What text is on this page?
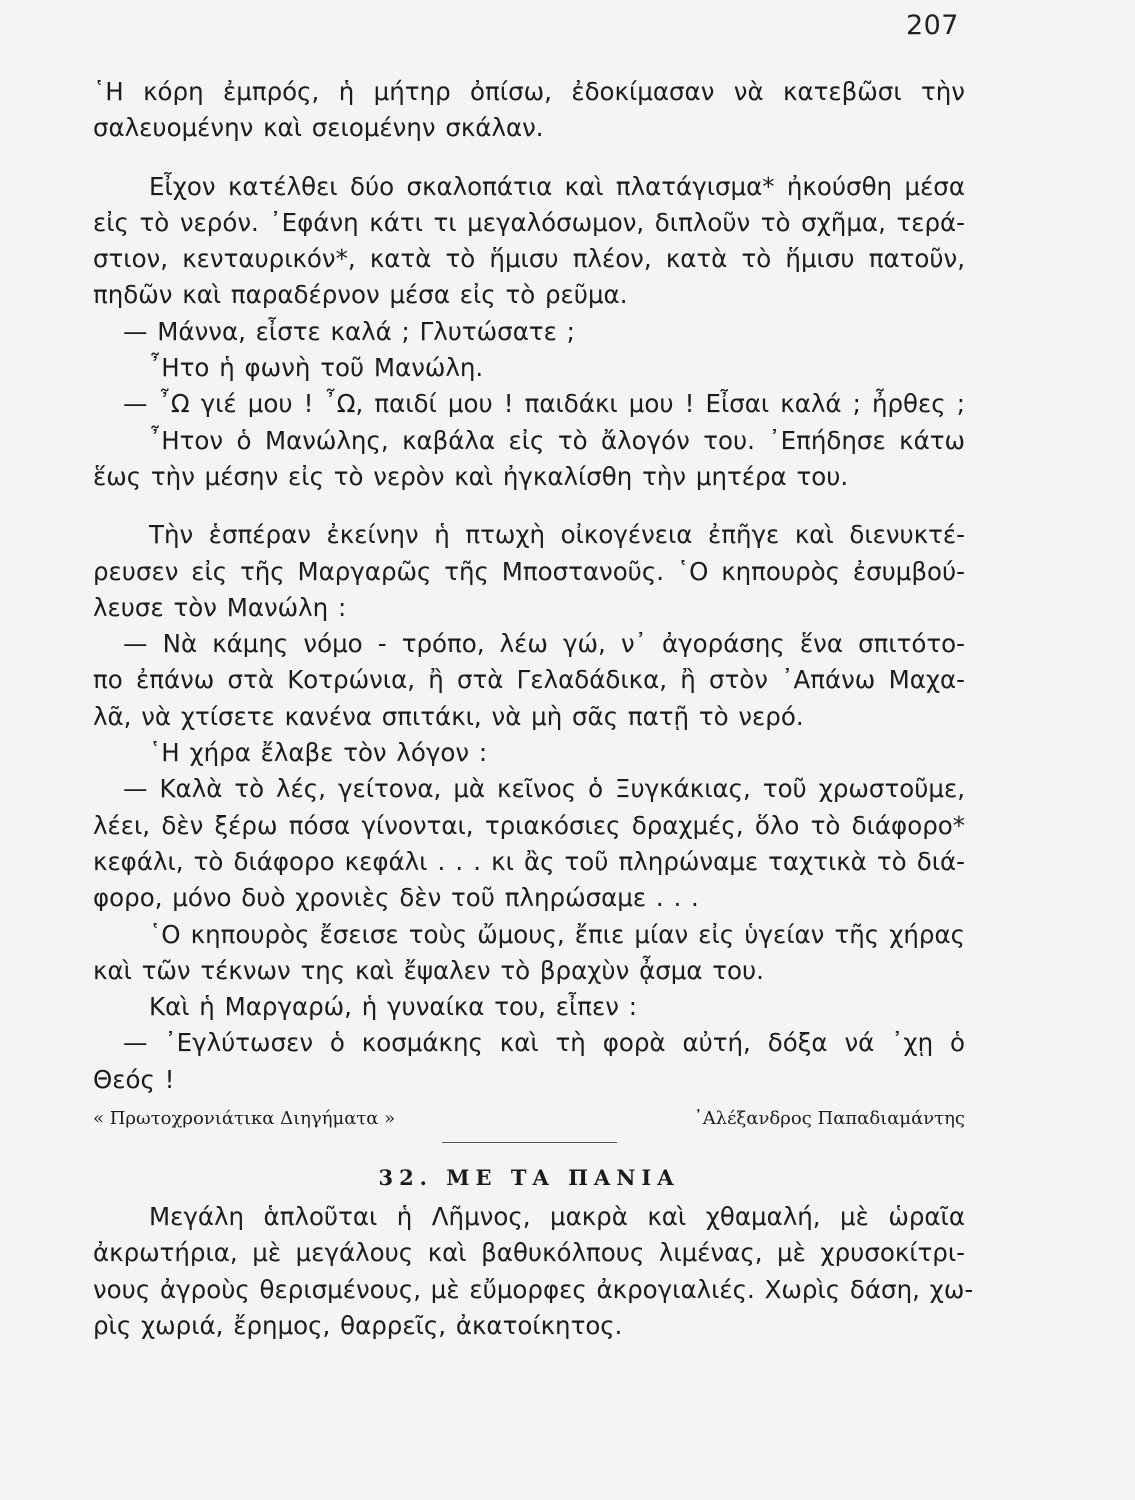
207
῾Η κόρη ἐμπρός, ἡ μήτηρ ὀπίσω, ἐδοκίμασαν νὰ κατεβῶσι τὴν
σαλευομένην καὶ σειομένην σκάλαν.
Εἶχον κατέλθει δύο σκαλοπάτια καὶ πλατάγισμα* ἠκούσθη μέσα
εἰς τὸ νερόν. ᾽Εφάνη κάτι τι μεγαλόσωμον, διπλοῦν τὸ σχῆμα, τερά-
στιον, κενταυρικόν*, κατὰ τὸ ἥμισυ πλέον, κατὰ τὸ ἥμισυ πατοῦν,
πηδῶν καὶ παραδέρνον μέσα εἰς τὸ ρεῦμα.
— Μάννα, εἶστε καλά ; Γλυτώσατε ;
῏Ητο ἡ φωνὴ τοῦ Μανώλη.
— ῏Ω γιέ μου ! ῏Ω, παιδί μου ! παιδάκι μου ! Εἶσαι καλά ; ἦρθες ;
῏Ητον ὁ Μανώλης, καβάλα εἰς τὸ ἄλογόν του. ᾽Επήδησε κάτω
ἕως τὴν μέσην εἰς τὸ νερὸν καὶ ἠγκαλίσθη τὴν μητέρα του.
Τὴν ἑσπέραν ἐκείνην ἡ πτωχὴ οἰκογένεια ἐπῆγε καὶ διενυκτέ-
ρευσεν εἰς τῆς Μαργαρῶς τῆς Μποστανοῦς. ῾Ο κηπουρὸς ἐσυμβού-
λευσε τὸν Μανώλη :
— Νὰ κάμης νόμο - τρόπο, λέω γώ, ν᾽ ἀγοράσης ἕνα σπιτότο-
πο ἐπάνω στὰ Κοτρώνια, ἢ στὰ Γελαδάδικα, ἢ στὸν ᾽Απάνω Μαχα-
λᾶ, νὰ χτίσετε κανένα σπιτάκι, νὰ μὴ σᾶς πατῇ τὸ νερό.
῾Η χήρα ἔλαβε τὸν λόγον :
— Καλὰ τὸ λές, γείτονα, μὰ κεῖνος ὁ Ξυγκάκιας, τοῦ χρωστοῦμε,
λέει, δὲν ξέρω πόσα γίνονται, τριακόσιες δραχμές, ὅλο τὸ διάφορο*
κεφάλι, τὸ διάφορο κεφάλι . . . κι ἂς τοῦ πληρώναμε ταχτικὰ τὸ διά-
φορο, μόνο δυὸ χρονιὲς δὲν τοῦ πληρώσαμε . . .
῾Ο κηπουρὸς ἔσεισε τοὺς ὤμους, ἔπιε μίαν εἰς ὑγείαν τῆς χήρας
καὶ τῶν τέκνων της καὶ ἔψαλεν τὸ βραχὺν ᾆσμα του.
Καὶ ἡ Μαργαρώ, ἡ γυναίκα του, εἶπεν :
— ᾽Εγλύτωσεν ὁ κοσμάκης καὶ τὴ φορὰ αὐτή, δόξα νά ᾽χῃ ὁ
Θεός !
« Πρωτοχρονιάτικα Διηγήματα »	᾽Αλέξανδρος Παπαδιαμάντης
32. ΜΕ ΤΑ ΠΑΝΙΑ
Μεγάλη ἁπλοῦται ἡ Λῆμνος, μακρὰ καὶ χθαμαλή, μὲ ὡραῖα
ἀκρωτήρια, μὲ μεγάλους καὶ βαθυκόλπους λιμένας, μὲ χρυσοκίτρι-
νους ἀγροὺς θερισμένους, μὲ εὔμορφες ἀκρογιαλιές. Χωρὶς δάση, χω-
ρὶς χωριά, ἔρημος, θαρρεῖς, ἀκατοίκητος.
